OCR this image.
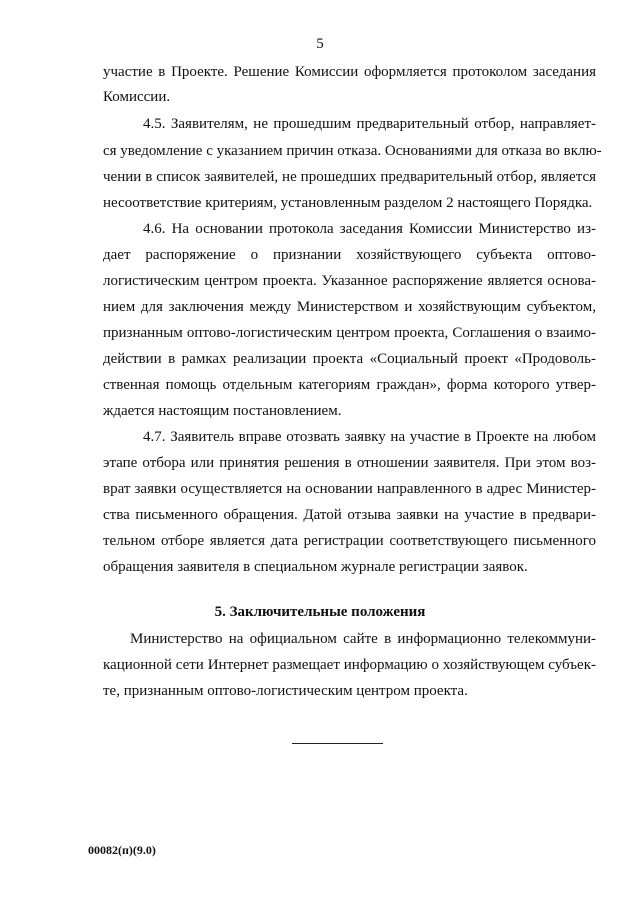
5
участие в Проекте. Решение Комиссии оформляется протоколом заседания
Комиссии.
4.5. Заявителям, не прошедшим предварительный отбор, направляет-
ся уведомление с указанием причин отказа. Основаниями для отказа во вклю-
чении в список заявителей, не прошедших предварительный отбор, является
несоответствие критериям, установленным разделом 2 настоящего Порядка.
4.6. На основании протокола заседания Комиссии Министерство из-
дает распоряжение о признании хозяйствующего субъекта оптово-
логистическим центром проекта. Указанное распоряжение является основа-
нием для заключения между Министерством и хозяйствующим субъектом,
признанным оптово-логистическим центром проекта, Соглашения о взаимо-
действии в рамках реализации проекта «Социальный проект «Продоволь-
ственная помощь отдельным категориям граждан», форма которого утвер-
ждается настоящим постановлением.
4.7. Заявитель вправе отозвать заявку на участие в Проекте на любом
этапе отбора или принятия решения в отношении заявителя. При этом воз-
врат заявки осуществляется на основании направленного в адрес Министер-
ства письменного обращения. Датой отзыва заявки на участие в предвари-
тельном отборе является дата регистрации соответствующего письменного
обращения заявителя в специальном журнале регистрации заявок.
5. Заключительные положения
Министерство на официальном сайте в информационно телекоммуни-
кационной сети Интернет размещает информацию о хозяйствующем субъек-
те, признанным оптово-логистическим центром проекта.
00082(п)(9.0)
